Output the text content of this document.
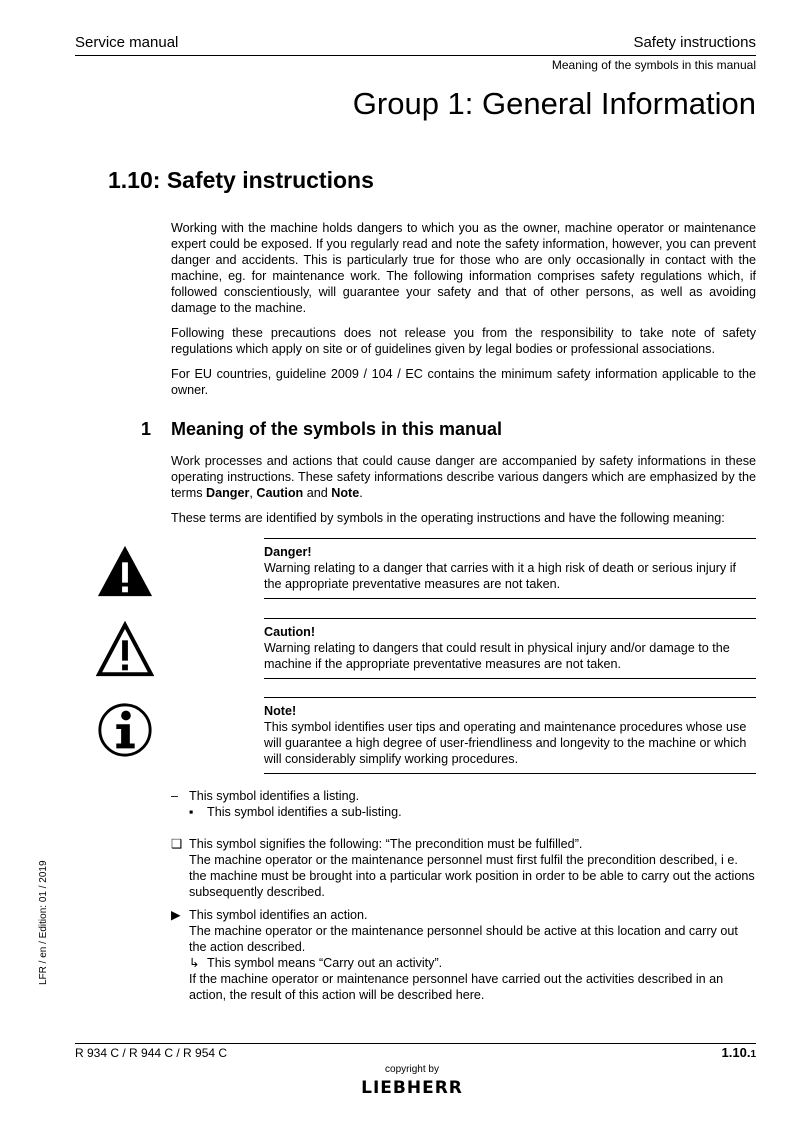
Service manual	Safety instructions
Meaning of the symbols in this manual
Group 1: General Information
1.10: Safety instructions
Working with the machine holds dangers to which you as the owner, machine operator or maintenance expert could be exposed. If you regularly read and note the safety information, however, you can prevent danger and accidents. This is particularly true for those who are only occasionally in contact with the machine, eg. for maintenance work. The following information comprises safety regulations which, if followed conscientiously, will guarantee your safety and that of other persons, as well as avoiding damage to the machine.
Following these precautions does not release you from the responsibility to take note of safety regulations which apply on site or of guidelines given by legal bodies or professional associations.
For EU countries, guideline 2009 / 104 / EC contains the minimum safety information applicable to the owner.
1 Meaning of the symbols in this manual
Work processes and actions that could cause danger are accompanied by safety informations in these operating instructions. These safety informations describe various dangers which are emphasized by the terms Danger, Caution and Note.
These terms are identified by symbols in the operating instructions and have the following meaning:
Danger!
Warning relating to a danger that carries with it a high risk of death or serious injury if the appropriate preventative measures are not taken.
Caution!
Warning relating to dangers that could result in physical injury and/or damage to the machine if the appropriate preventative measures are not taken.
Note!
This symbol identifies user tips and operating and maintenance procedures whose use will guarantee a high degree of user-friendliness and longevity to the machine or which will considerably simplify working procedures.
– This symbol identifies a listing.
▪	This symbol identifies a sub-listing.
❑ This symbol signifies the following: “The precondition must be fulfilled”.
The machine operator or the maintenance personnel must first fulfil the precondition described, i e. the machine must be brought into a particular work position in order to be able to carry out the actions subsequently described.
▶ This symbol identifies an action.
The machine operator or the maintenance personnel should be active at this location and carry out the action described.
↳ This symbol means “Carry out an activity”.
If the machine operator or maintenance personnel have carried out the activities described in an action, the result of this action will be described here.
LFR / en / Edition: 01 / 2019
R 934 C / R 944 C / R 954 C	1.10.1
copyright by
LIEBHERR
